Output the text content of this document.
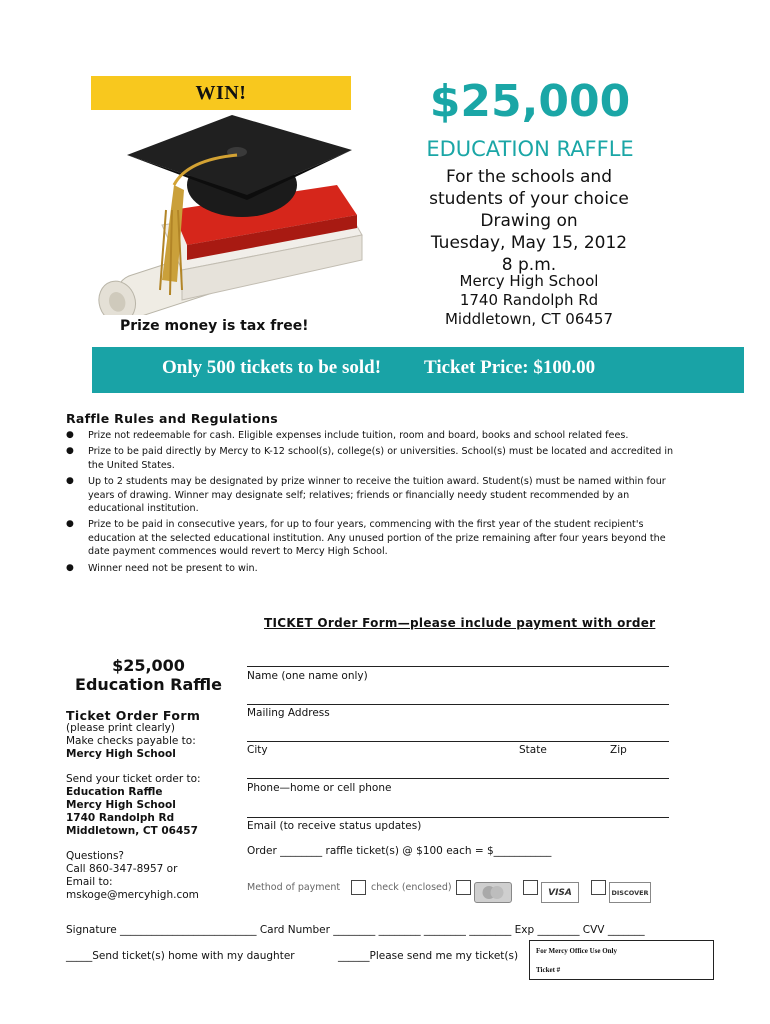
WIN!	$25,000
EDUCATION RAFFLE
For the schools and
students of your choice
Drawing on
Tuesday, May 15, 2012
8 p.m.
Mercy High School
1740 Randolph Rd
Middletown, CT 06457
Prize money is tax free!
Only 500 tickets to be sold! Ticket Price: $100.00
Raffle Rules and Regulations
● Prize not redeemable for cash. Eligible expenses include tuition, room and board, books and school related fees.
● Prize to be paid directly by Mercy to K-12 school(s), college(s) or universities. School(s) must be located and accredited in the United States.
● Up to 2 students may be designated by prize winner to receive the tuition award. Student(s) must be named within four years of drawing. Winner may designate self; relatives; friends or financially needy student recommended by an educational institution.
● Prize to be paid in consecutive years, for up to four years, commencing with the first year of the student recipient's education at the selected educational institution. Any unused portion of the prize remaining after four years beyond the date payment commences would revert to Mercy High School.
● Winner need not be present to win.
TICKET Order Form—please include payment with order
$25,000
Education Raffle
Ticket Order Form
(please print clearly)
Make checks payable to:
Mercy High School
Send your ticket order to:
Education Raffle
Mercy High School
1740 Randolph Rd
Middletown, CT 06457
Questions?
Call 860-347-8957 or
Email to:
mskoge@mercyhigh.com
Name (one name only)
Mailing Address
City	State	Zip
Phone—home or cell phone
Email (to receive status updates)
Order ________ raffle ticket(s) @ $100 each = $___________
Method of payment	check (enclosed)	VISA	DISCOVER
Signature __________________________ Card Number ________ ________ ________ ________ Exp ________ CVV _______
_____Send ticket(s) home with my daughter	______Please send me my ticket(s)	For Mercy Office Use Only
Ticket #
